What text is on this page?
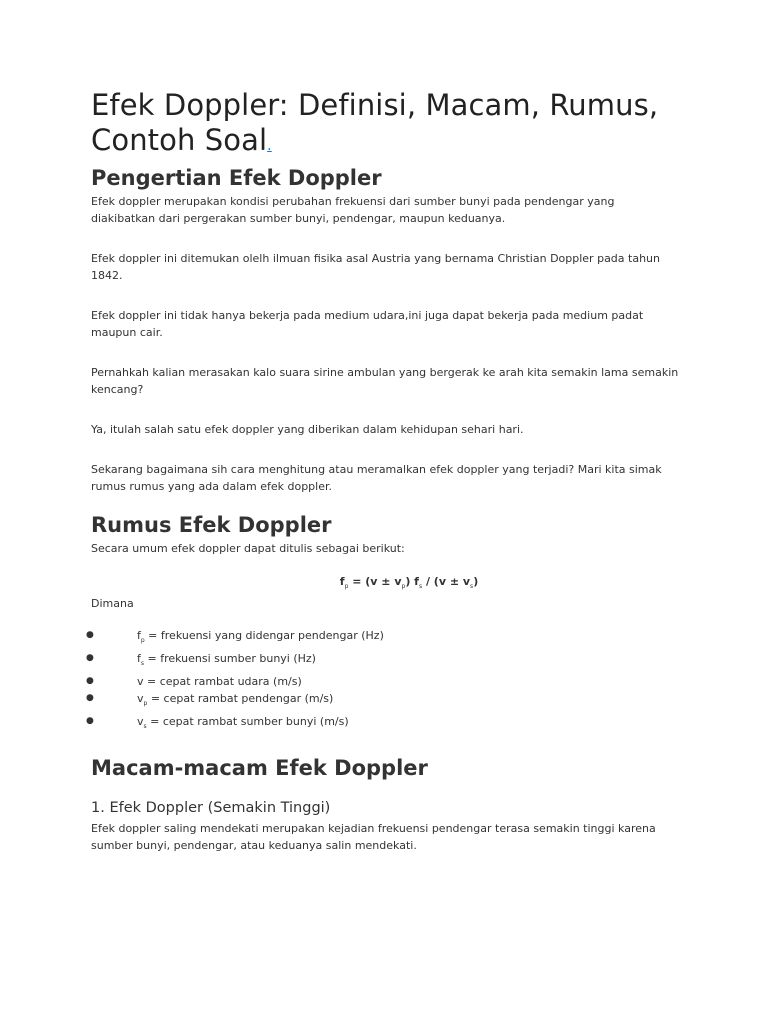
Efek Doppler: Definisi, Macam, Rumus, Contoh Soal.
Pengertian Efek Doppler

Efek doppler merupakan kondisi perubahan frekuensi dari sumber bunyi pada pendengar yang diakibatkan dari pergerakan sumber bunyi, pendengar, maupun keduanya.

Efek doppler ini ditemukan olelh ilmuan fisika asal Austria yang bernama Christian Doppler pada tahun 1842.

Efek doppler ini tidak hanya bekerja pada medium udara,ini juga dapat bekerja pada medium padat maupun cair.

Pernahkah kalian merasakan kalo suara sirine ambulan yang bergerak ke arah kita semakin lama semakin kencang?

Ya, itulah salah satu efek doppler yang diberikan dalam kehidupan sehari hari.

Sekarang bagaimana sih cara menghitung atau meramalkan efek doppler yang terjadi? Mari kita simak rumus rumus yang ada dalam efek doppler.

Rumus Efek Doppler

Secara umum efek doppler dapat ditulis sebagai berikut:

$f_p = (v \pm v_p)$ $f_s / (v \pm v_s)$

Dimana

●	$f_p$ = frekuensi yang didengar pendengar (Hz)
●	$f_s$ = frekuensi sumber bunyi (Hz)
●	v = cepat rambat udara (m/s)
●	$v_p$ = cepat rambat pendengar (m/s)
●	$v_s$ = cepat rambat sumber bunyi (m/s)
Macam-macam Efek Doppler
1. Efek Doppler (Semakin Tinggi)

Efek doppler saling mendekati merupakan kejadian frekuensi pendengar terasa semakin tinggi karena sumber bunyi, pendengar, atau keduanya salin mendekati.
